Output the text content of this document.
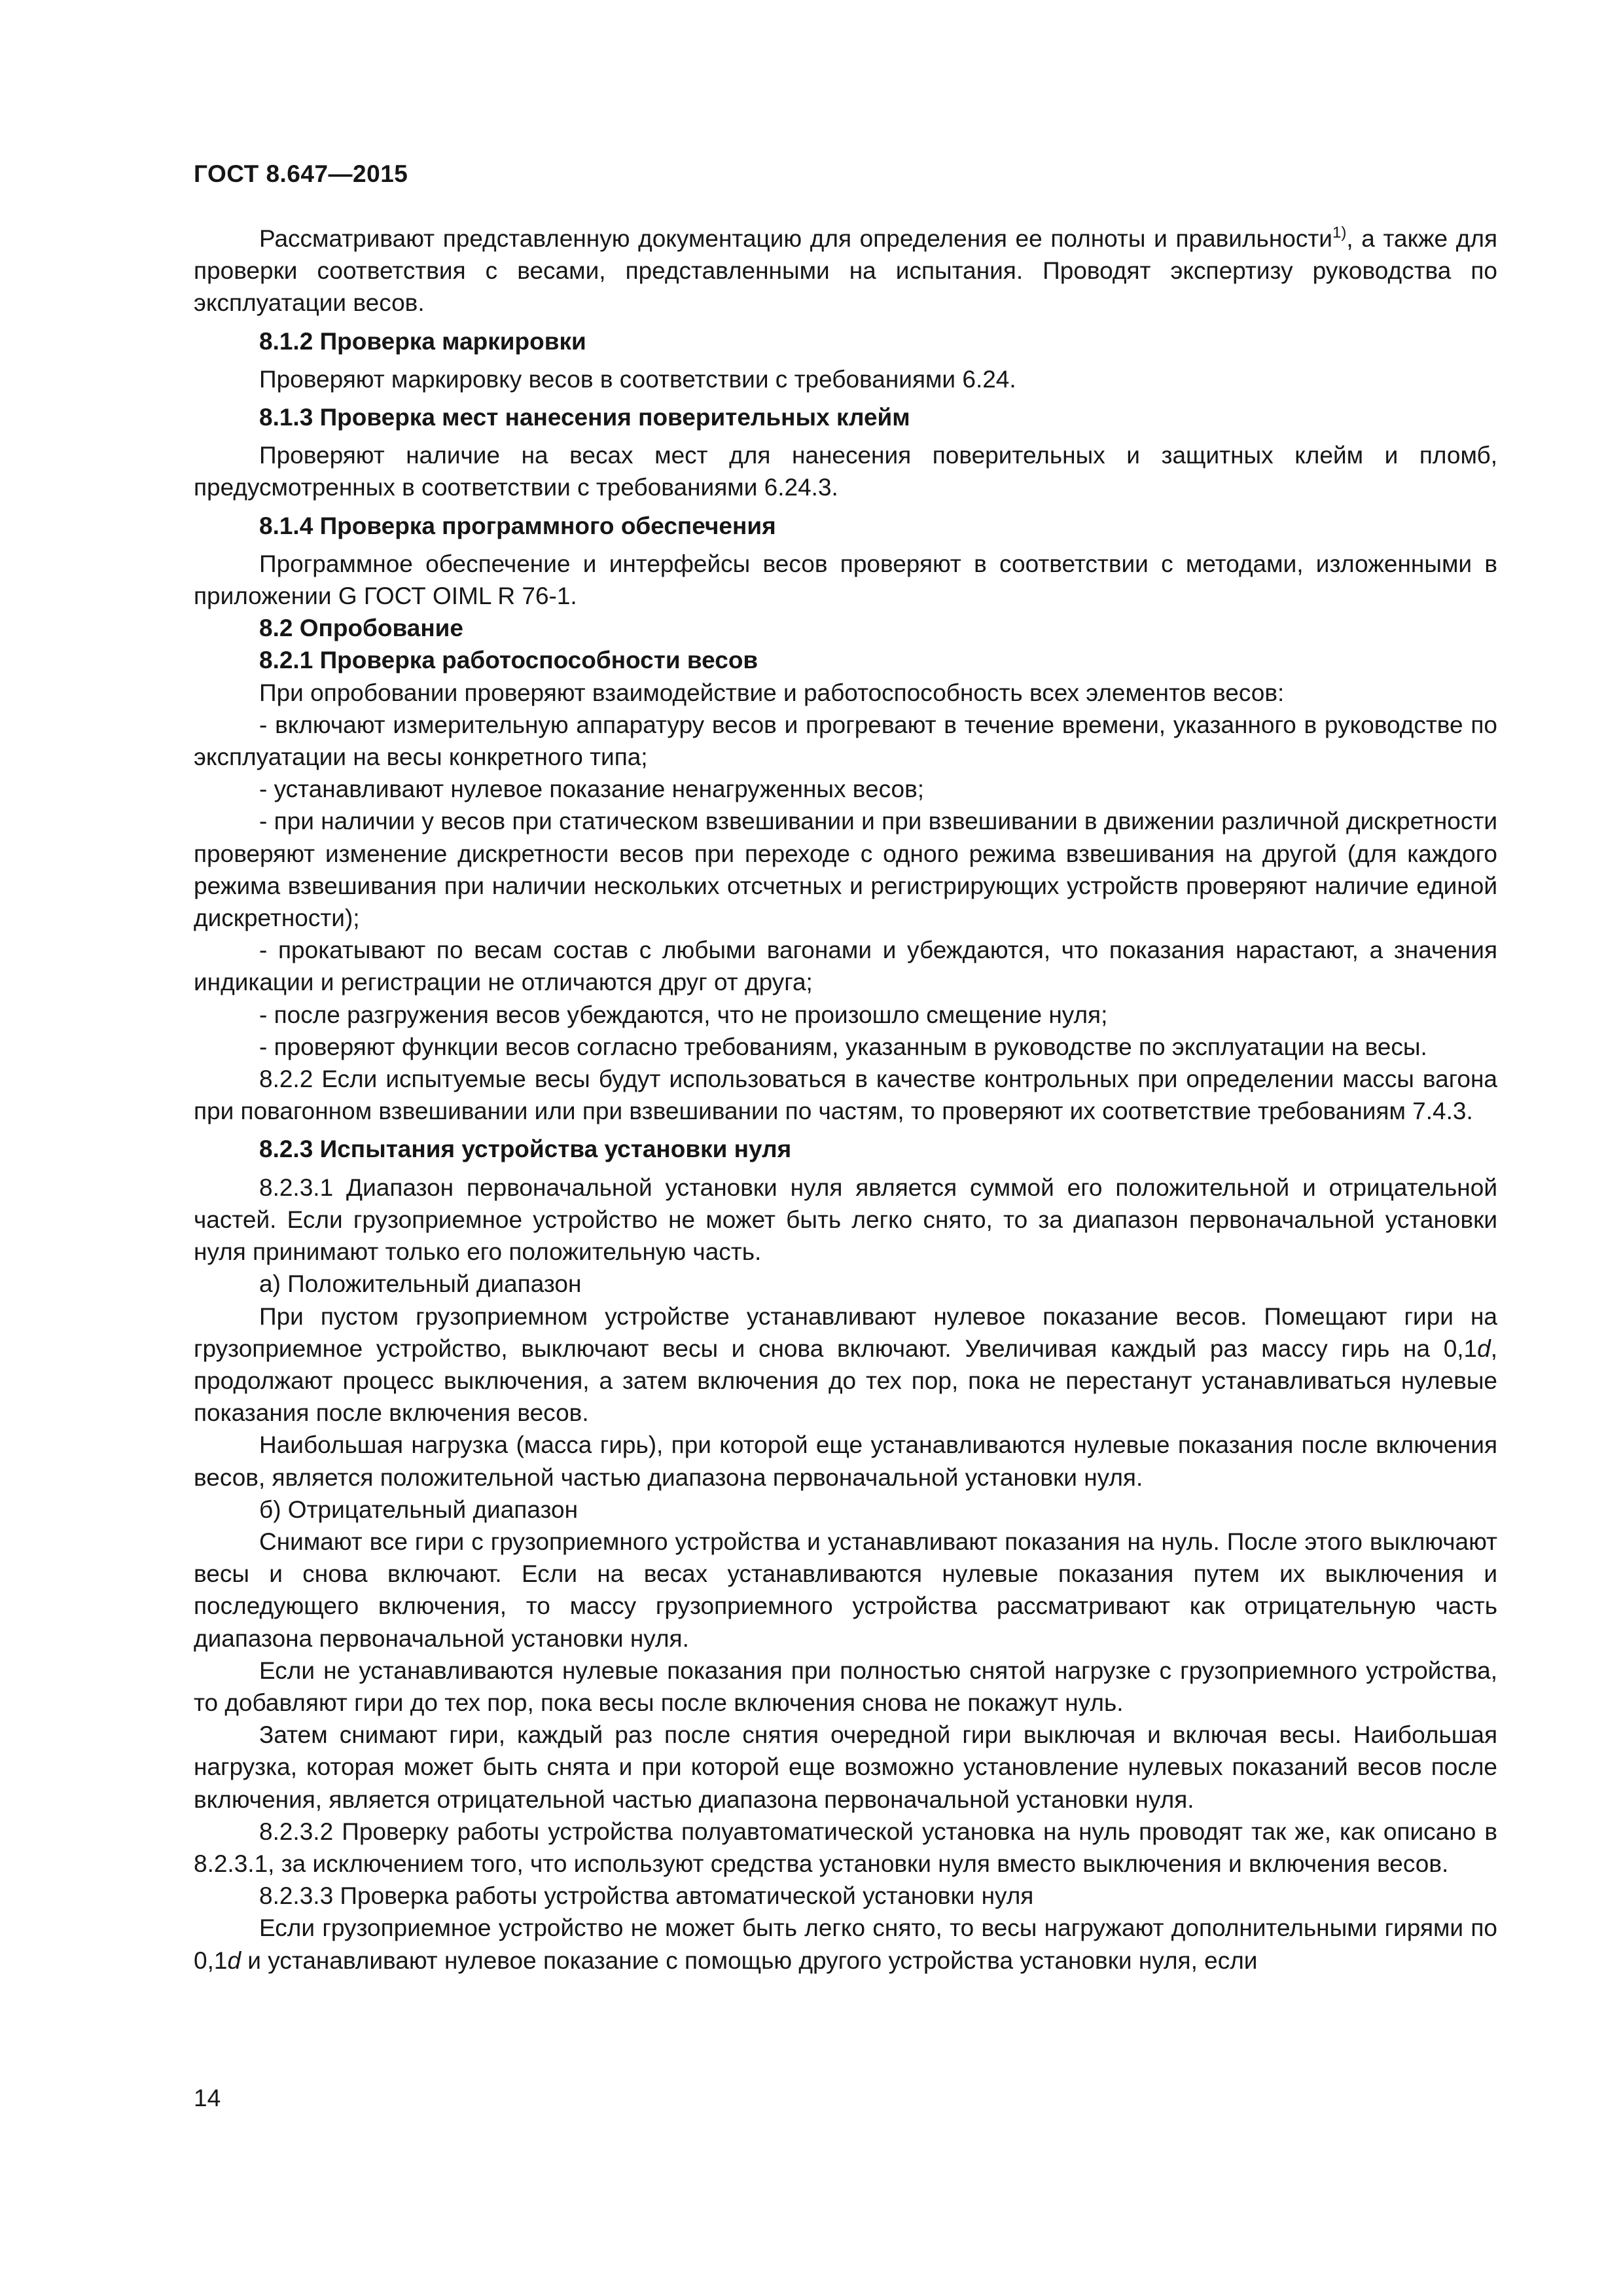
ГОСТ 8.647—2015

Рассматривают представленную документацию для определения ее полноты и правильности$^{1)}$, а также для проверки соответствия с весами, представленными на испытания. Проводят экспертизу руководства по эксплуатации весов.

8.1.2 Проверка маркировки

Проверяют маркировку весов в соответствии с требованиями 6.24.

8.1.3 Проверка мест нанесения поверительных клейм

Проверяют наличие на весах мест для нанесения поверительных и защитных клейм и пломб, предусмотренных в соответствии с требованиями 6.24.3.

8.1.4 Проверка программного обеспечения

Программное обеспечение и интерфейсы весов проверяют в соответствии с методами, изложенными в приложении G ГОСТ OIML R 76-1.

8.2 Опробование
8.2.1 Проверка работоспособности весов

При опробовании проверяют взаимодействие и работоспособность всех элементов весов:

- включают измерительную аппаратуру весов и прогревают в течение времени, указанного в руководстве по эксплуатации на весы конкретного типа;

- устанавливают нулевое показание ненагруженных весов;

- при наличии у весов при статическом взвешивании и при взвешивании в движении различной дискретности проверяют изменение дискретности весов при переходе с одного режима взвешивания на другой (для каждого режима взвешивания при наличии нескольких отсчетных и регистрирующих устройств проверяют наличие единой дискретности);

- прокатывают по весам состав с любыми вагонами и убеждаются, что показания нарастают, а значения индикации и регистрации не отличаются друг от друга;

- после разгружения весов убеждаются, что не произошло смещение нуля;

- проверяют функции весов согласно требованиям, указанным в руководстве по эксплуатации на весы.

8.2.2 Если испытуемые весы будут использоваться в качестве контрольных при определении массы вагона при повагонном взвешивании или при взвешивании по частям, то проверяют их соответствие требованиям 7.4.3.

8.2.3 Испытания устройства установки нуля

8.2.3.1 Диапазон первоначальной установки нуля является суммой его положительной и отрицательной частей. Если грузоприемное устройство не может быть легко снято, то за диапазон первоначальной установки нуля принимают только его положительную часть.

а) Положительный диапазон

При пустом грузоприемном устройстве устанавливают нулевое показание весов. Помещают гири на грузоприемное устройство, выключают весы и снова включают. Увеличивая каждый раз массу гирь на 0,1d, продолжают процесс выключения, а затем включения до тех пор, пока не перестанут устанавливаться нулевые показания после включения весов.

Наибольшая нагрузка (масса гирь), при которой еще устанавливаются нулевые показания после включения весов, является положительной частью диапазона первоначальной установки нуля.

б) Отрицательный диапазон

Снимают все гири с грузоприемного устройства и устанавливают показания на нуль. После этого выключают весы и снова включают. Если на весах устанавливаются нулевые показания путем их выключения и последующего включения, то массу грузоприемного устройства рассматривают как отрицательную часть диапазона первоначальной установки нуля.

Если не устанавливаются нулевые показания при полностью снятой нагрузке с грузоприемного устройства, то добавляют гири до тех пор, пока весы после включения снова не покажут нуль.

Затем снимают гири, каждый раз после снятия очередной гири выключая и включая весы. Наибольшая нагрузка, которая может быть снята и при которой еще возможно установление нулевых показаний весов после включения, является отрицательной частью диапазона первоначальной установки нуля.

8.2.3.2 Проверку работы устройства полуавтоматической установка на нуль проводят так же, как описано в 8.2.3.1, за исключением того, что используют средства установки нуля вместо выключения и включения весов.

8.2.3.3 Проверка работы устройства автоматической установки нуля

Если грузоприемное устройство не может быть легко снято, то весы нагружают дополнительными гирями по 0,1d и устанавливают нулевое показание с помощью другого устройства установки нуля, если

14
